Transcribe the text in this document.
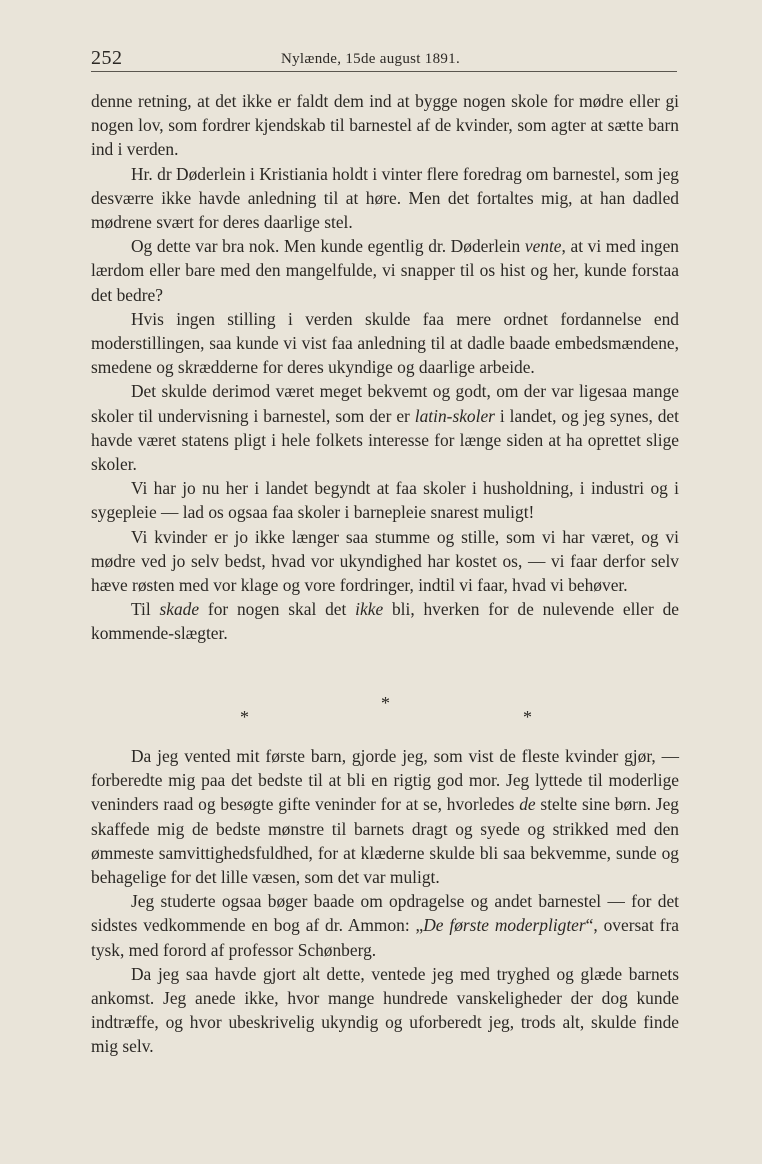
252	Nylænde, 15de august 1891.

denne retning, at det ikke er faldt dem ind at bygge nogen skole for mødre eller gi nogen lov, som fordrer kjendskab til barnestel af de kvinder, som agter at sætte barn ind i verden.

Hr. dr Døderlein i Kristiania holdt i vinter flere foredrag om barnestel, som jeg desværre ikke havde anledning til at høre. Men det fortaltes mig, at han dadled mødrene svært for deres daarlige stel.

Og dette var bra nok. Men kunde egentlig dr. Døderlein vente, at vi med ingen lærdom eller bare med den mangelfulde, vi snapper til os hist og her, kunde forstaa det bedre?

Hvis ingen stilling i verden skulde faa mere ordnet fordannelse end moderstillingen, saa kunde vi vist faa anledning til at dadle baade embedsmændene, smedene og skrædderne for deres ukyndige og daarlige arbeide.

Det skulde derimod været meget bekvemt og godt, om der var ligesaa mange skoler til undervisning i barnestel, som der er latin-skoler i landet, og jeg synes, det havde været statens pligt i hele folkets interesse for længe siden at ha oprettet slige skoler.

Vi har jo nu her i landet begyndt at faa skoler i husholdning, i industri og i sygepleie — lad os ogsaa faa skoler i barnepleie snarest muligt!

Vi kvinder er jo ikke længer saa stumme og stille, som vi har været, og vi mødre ved jo selv bedst, hvad vor ukyndighed har kostet os, — vi faar derfor selv hæve røsten med vor klage og vore fordringer, indtil vi faar, hvad vi behøver.

Til skade for nogen skal det ikke bli, hverken for de nulevende eller de kommende-slægter.

*
*	*

Da jeg vented mit første barn, gjorde jeg, som vist de fleste kvinder gjør, — forberedte mig paa det bedste til at bli en rigtig god mor. Jeg lyttede til moderlige veninders raad og besøgte gifte veninder for at se, hvorledes de stelte sine børn. Jeg skaffede mig de bedste mønstre til barnets dragt og syede og strikked med den ømmeste samvittighedsfuldhed, for at klæderne skulde bli saa bekvemme, sunde og behagelige for det lille væsen, som det var muligt.

Jeg studerte ogsaa bøger baade om opdragelse og andet barnestel — for det sidstes vedkommende en bog af dr. Ammon: „De første moderpligter“, oversat fra tysk, med forord af professor Schønberg.

Da jeg saa havde gjort alt dette, ventede jeg med tryghed og glæde barnets ankomst. Jeg anede ikke, hvor mange hundrede vanskeligheder der dog kunde indtræffe, og hvor ubeskrivelig ukyndig og uforberedt jeg, trods alt, skulde finde mig selv.
